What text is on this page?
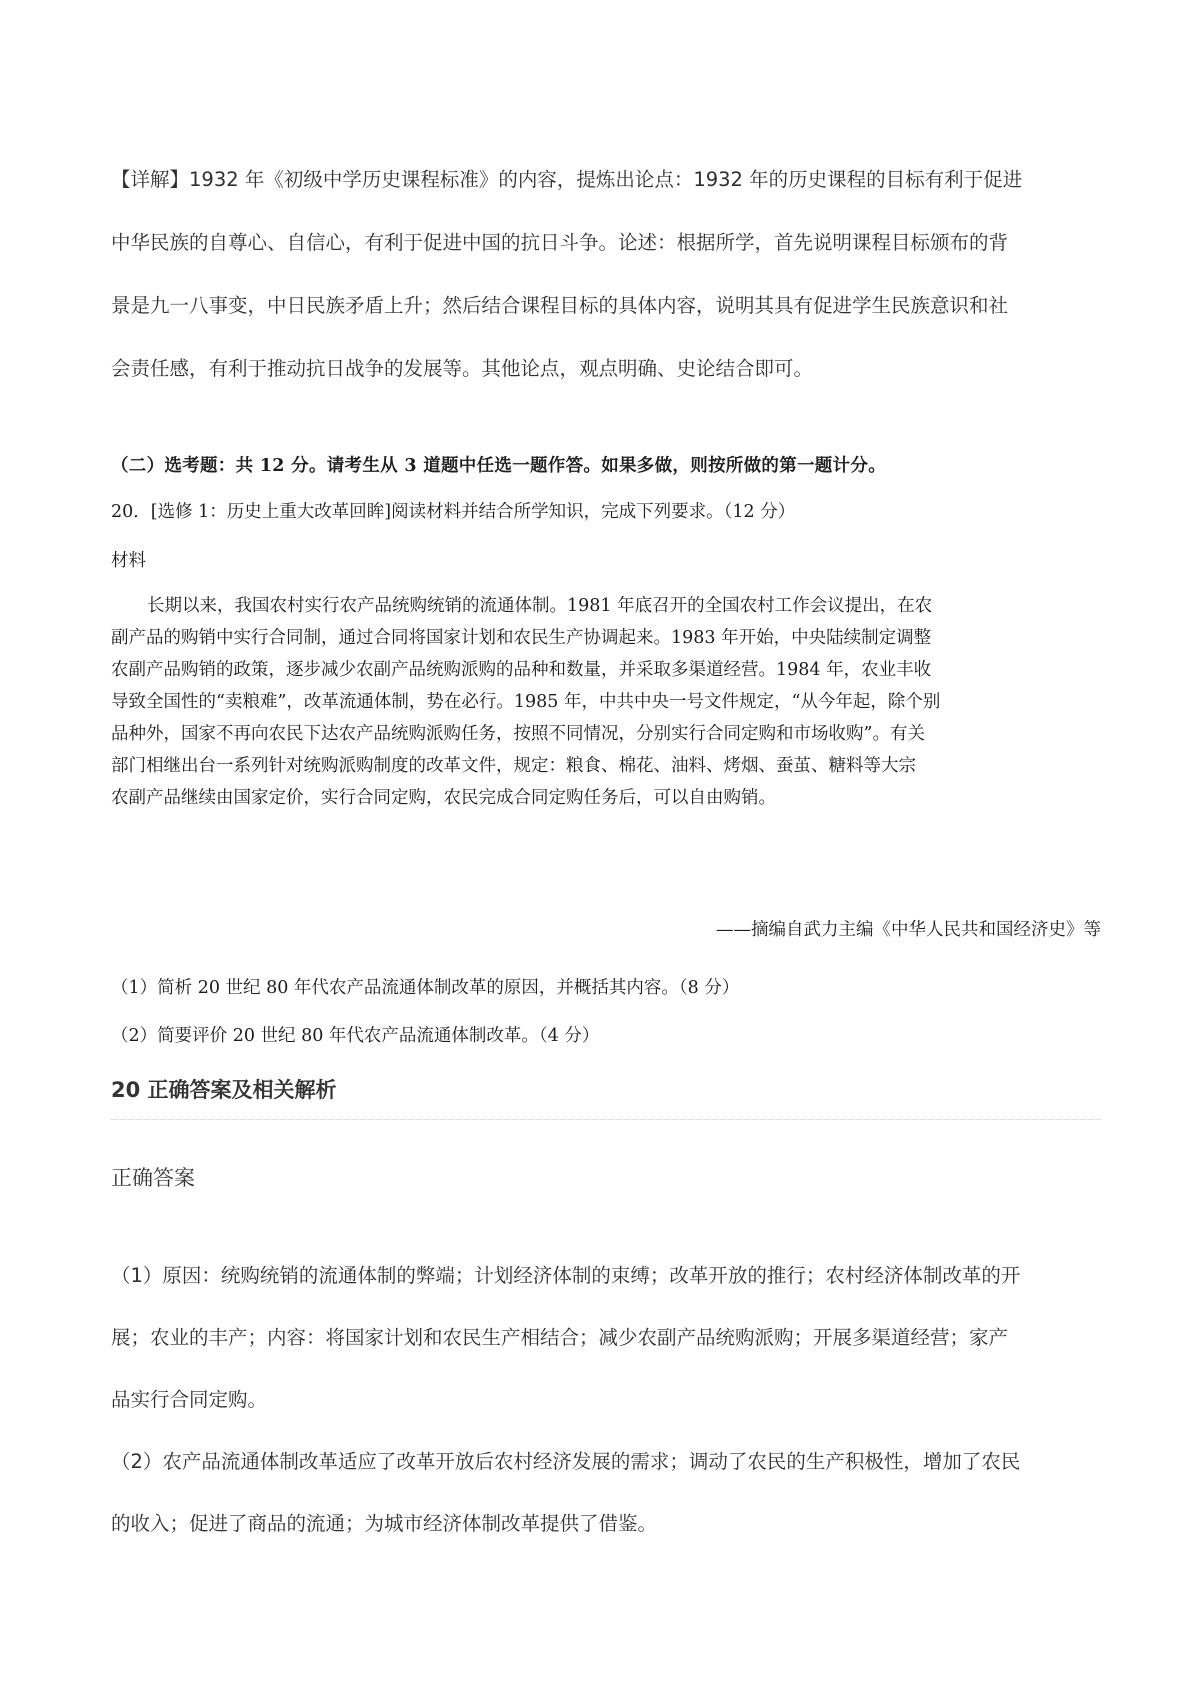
【详解】1932 年《初级中学历史课程标准》的内容，提炼出论点：1932 年的历史课程的目标有利于促进
中华民族的自尊心、自信心，有利于促进中国的抗日斗争。论述：根据所学，首先说明课程目标颁布的背
景是九一八事变，中日民族矛盾上升；然后结合课程目标的具体内容，说明其具有促进学生民族意识和社
会责任感，有利于推动抗日战争的发展等。其他论点，观点明确、史论结合即可。
（二）选考题：共 12 分。请考生从 3 道题中任选一题作答。如果多做，则按所做的第一题计分。
20．[选修 1：历史上重大改革回眸]阅读材料并结合所学知识，完成下列要求。（12 分）
材料
长期以来，我国农村实行农产品统购统销的流通体制。1981 年底召开的全国农村工作会议提出，在农
副产品的购销中实行合同制，通过合同将国家计划和农民生产协调起来。1983 年开始，中央陆续制定调整
农副产品购销的政策，逐步减少农副产品统购派购的品种和数量，并采取多渠道经营。1984 年，农业丰收
导致全国性的“卖粮难”，改革流通体制，势在必行。1985 年，中共中央一号文件规定，“从今年起，除个别
品种外，国家不再向农民下达农产品统购派购任务，按照不同情况，分别实行合同定购和市场收购”。有关
部门相继出台一系列针对统购派购制度的改革文件，规定：粮食、棉花、油料、烤烟、蚕茧、糖料等大宗
农副产品继续由国家定价，实行合同定购，农民完成合同定购任务后，可以自由购销。
——摘编自武力主编《中华人民共和国经济史》等
（1）简析 20 世纪 80 年代农产品流通体制改革的原因，并概括其内容。（8 分）
（2）简要评价 20 世纪 80 年代农产品流通体制改革。（4 分）
20 正确答案及相关解析
正确答案
（1）原因：统购统销的流通体制的弊端；计划经济体制的束缚；改革开放的推行；农村经济体制改革的开
展；农业的丰产；内容：将国家计划和农民生产相结合；减少农副产品统购派购；开展多渠道经营；家产
品实行合同定购。
（2）农产品流通体制改革适应了改革开放后农村经济发展的需求；调动了农民的生产积极性，增加了农民
的收入；促进了商品的流通；为城市经济体制改革提供了借鉴。
